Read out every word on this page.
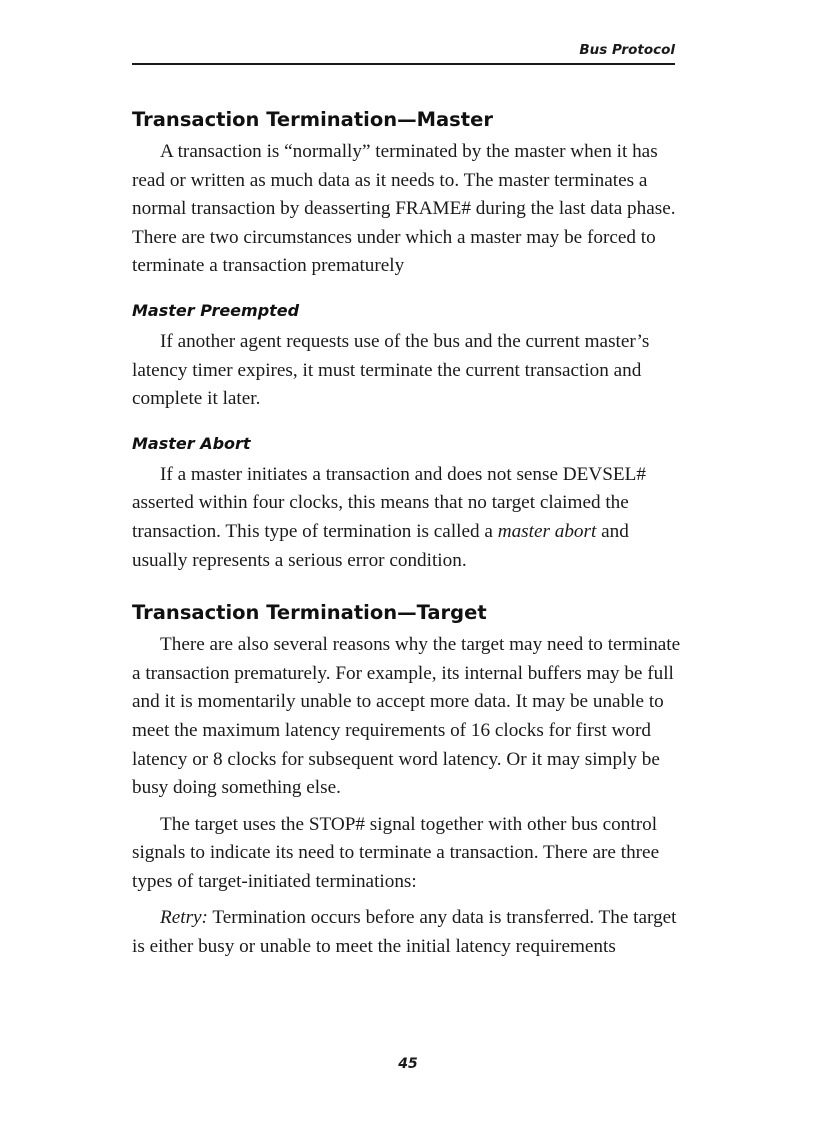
Bus Protocol
Transaction Termination—Master

A transaction is “normally” terminated by the master when it has read or written as much data as it needs to. The master terminates a normal transaction by deasserting FRAME# during the last data phase. There are two circumstances under which a master may be forced to terminate a transaction prematurely

Master Preempted

If another agent requests use of the bus and the current master’s latency timer expires, it must terminate the current transaction and complete it later.

Master Abort

If a master initiates a transaction and does not sense DEVSEL# asserted within four clocks, this means that no target claimed the transaction. This type of termination is called a master abort and usually represents a serious error condition.

Transaction Termination—Target

There are also several reasons why the target may need to terminate a transaction prematurely. For example, its internal buffers may be full and it is momentarily unable to accept more data. It may be unable to meet the maximum latency requirements of 16 clocks for first word latency or 8 clocks for subsequent word latency. Or it may simply be busy doing something else.

The target uses the STOP# signal together with other bus control signals to indicate its need to terminate a transaction. There are three types of target-initiated terminations:

Retry: Termination occurs before any data is transferred. The target is either busy or unable to meet the initial latency requirements

45
